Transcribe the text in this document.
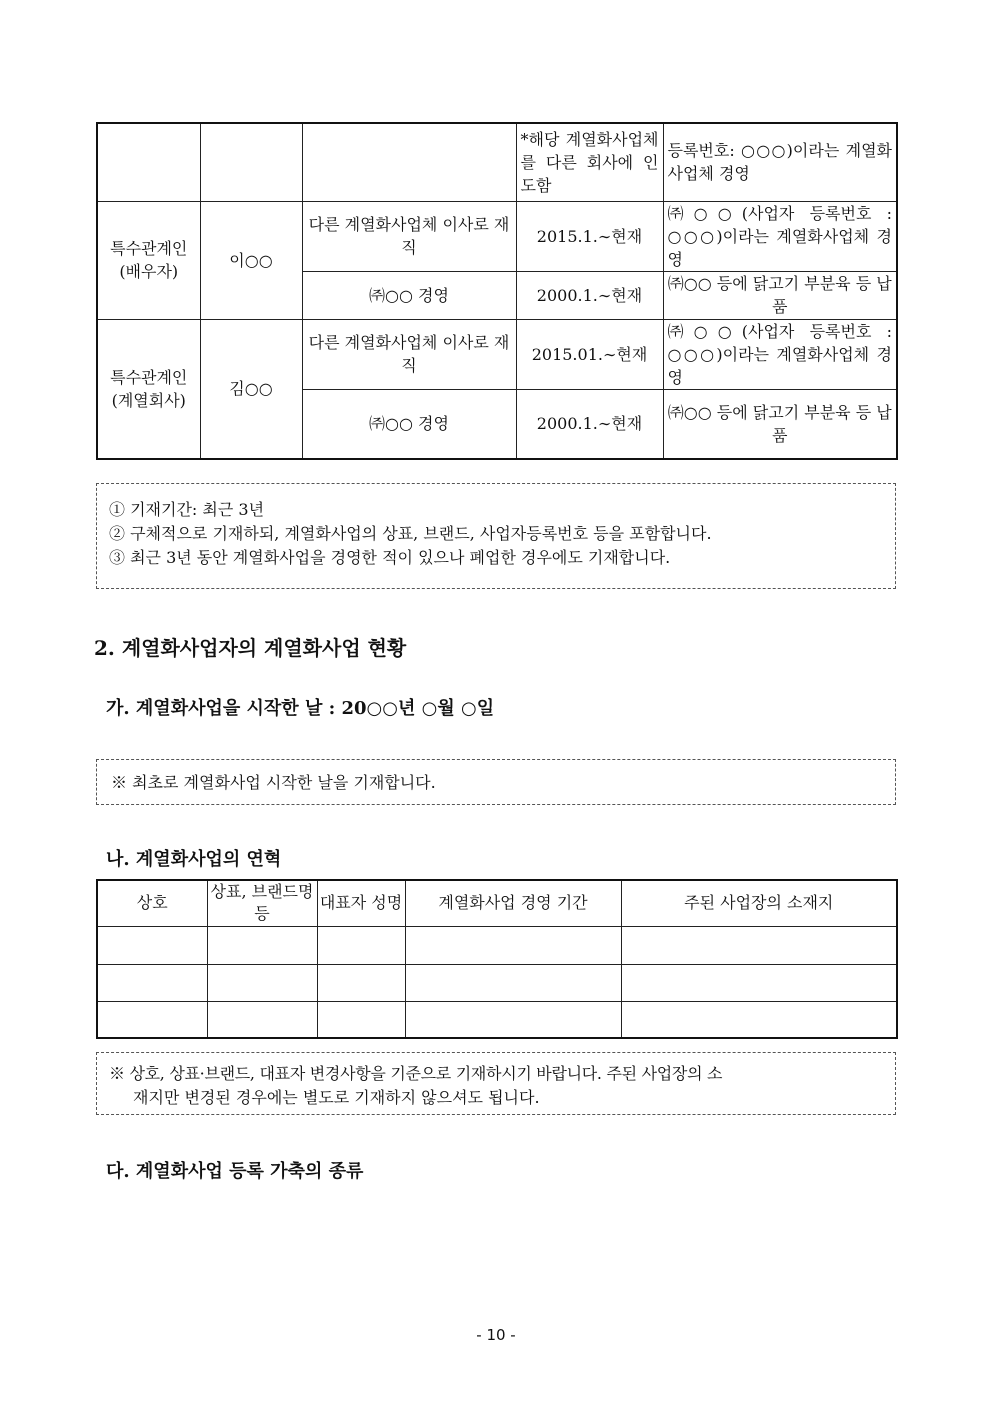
			*해당 계열화사업체를 다른 회사에 인도함	등록번호: ○○○)이라는 계열화사업체 경영
특수관계인 (배우자)	이○○	다른 계열화사업체 이사로 재직	2015.1.∼현재	㈜○○(사업자 등록번호 : ○○○)이라는 계열화사업체 경영
		㈜○○ 경영	2000.1.∼현재	㈜○○ 등에 닭고기 부분육 등 납품
특수관계인 (계열회사)	김○○	다른 계열화사업체 이사로 재직	2015.01.∼현재	㈜○○(사업자 등록번호 : ○○○)이라는 계열화사업체 경영
		㈜○○ 경영	2000.1.∼현재	㈜○○ 등에 닭고기 부분육 등 납품
① 기재기간: 최근 3년
② 구체적으로 기재하되, 계열화사업의 상표, 브랜드, 사업자등록번호 등을 포함합니다.
③ 최근 3년 동안 계열화사업을 경영한 적이 있으나 폐업한 경우에도 기재합니다.
2. 계열화사업자의 계열화사업 현황
가. 계열화사업을 시작한 날 : 20○○년 ○월 ○일
※ 최초로 계열화사업 시작한 날을 기재합니다.
나. 계열화사업의 연혁
상호	상표, 브랜드명 등	대표자 성명	계열화사업 경영 기간	주된 사업장의 소재지

※ 상호, 상표·브랜드, 대표자 변경사항을 기준으로 기재하시기 바랍니다. 주된 사업장의 소
재지만 변경된 경우에는 별도로 기재하지 않으셔도 됩니다.
다. 계열화사업 등록 가축의 종류
- 10 -
